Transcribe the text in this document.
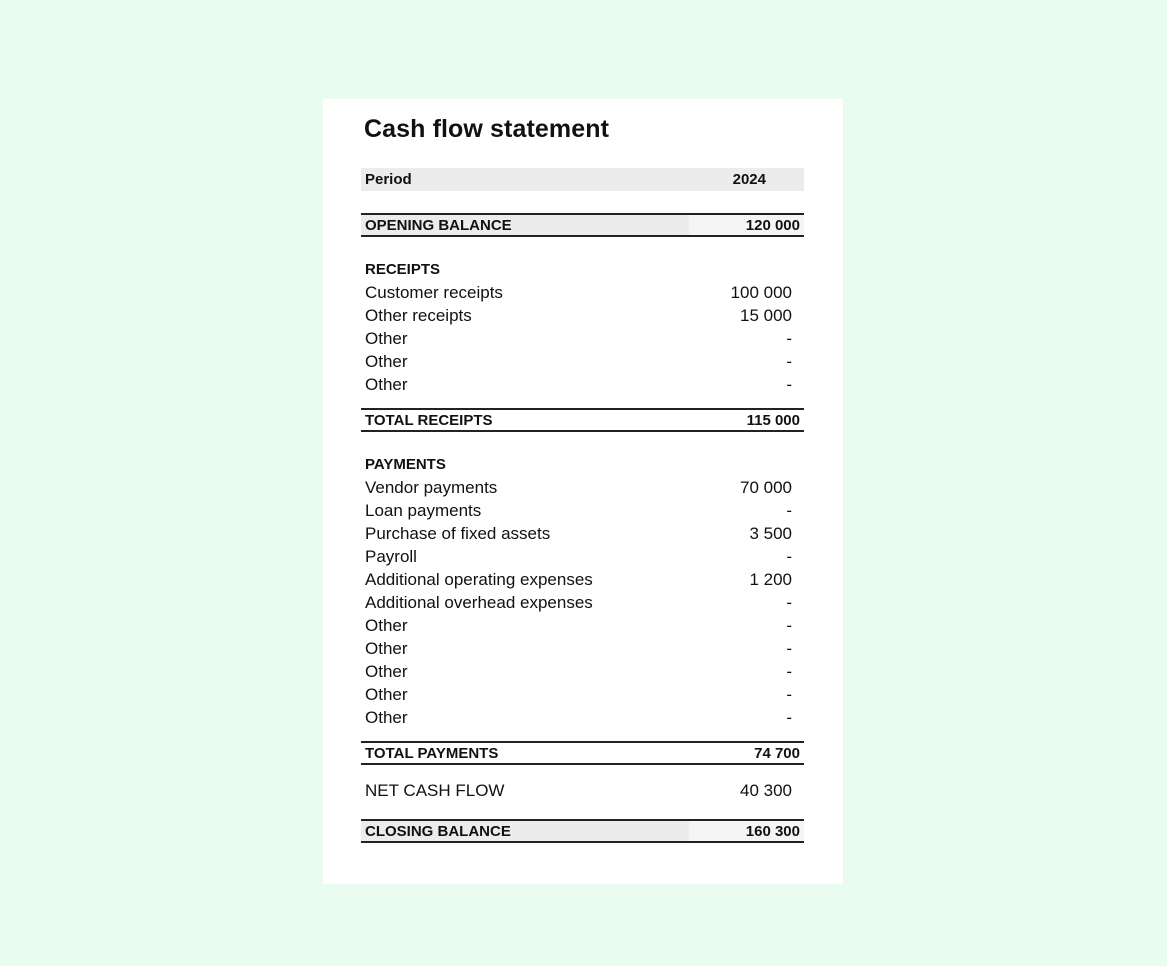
Cash flow statement
Period	2024
OPENING BALANCE	120 000
RECEIPTS
Customer receipts	100 000
Other receipts	15 000
Other	-
Other	-
Other	-
TOTAL RECEIPTS	115 000
PAYMENTS
Vendor payments	70 000
Loan payments	-
Purchase of fixed assets	3 500
Payroll	-
Additional operating expenses	1 200
Additional overhead expenses	-
Other	-
Other	-
Other	-
Other	-
Other	-
TOTAL PAYMENTS	74 700
NET CASH FLOW	40 300
CLOSING BALANCE	160 300
